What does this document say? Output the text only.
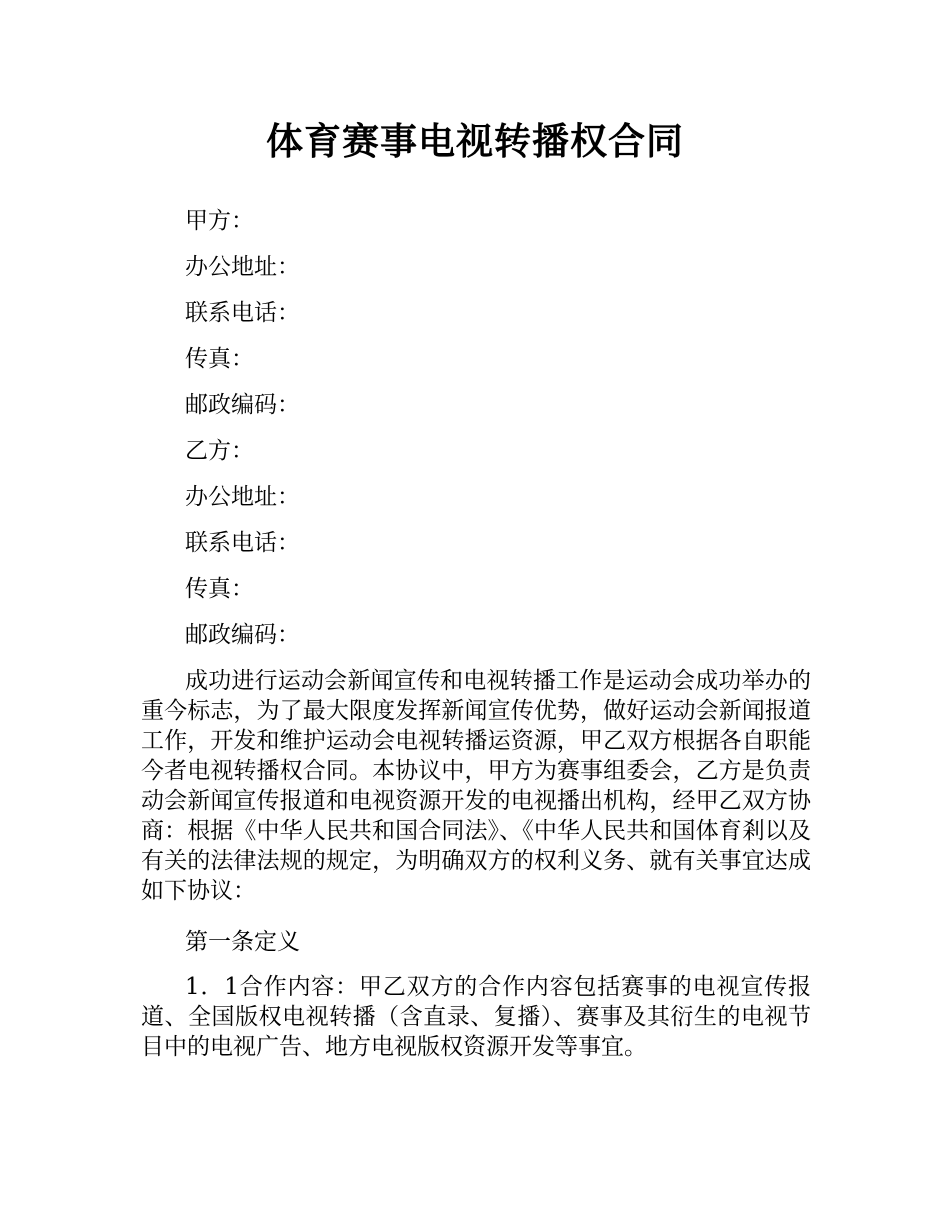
体育赛事电视转播权合同
甲方：
办公地址：
联系电话：
传真：
邮政编码：
乙方：
办公地址：
联系电话：
传真：
邮政编码：
成功进行运动会新闻宣传和电视转播工作是运动会成功举办的重今标志，为了最大限度发挥新闻宣传优势，做好运动会新闻报道工作，开发和维护运动会电视转播运资源，甲乙双方根据各自职能今者电视转播权合同。本协议中，甲方为赛事组委会，乙方是负责动会新闻宣传报道和电视资源开发的电视播出机构，经甲乙双方协商：根据《中华人民共和国合同法》、《中华人民共和国体育剎以及有关的法律法规的规定，为明确双方的权利义务、就有关事宜达成如下协议：
第一条定义
1．1合作内容：甲乙双方的合作内容包括赛事的电视宣传报道、全国版权电视转播（含直录、复播）、赛事及其衍生的电视节目中的电视广告、地方电视版权资源开发等事宜。
